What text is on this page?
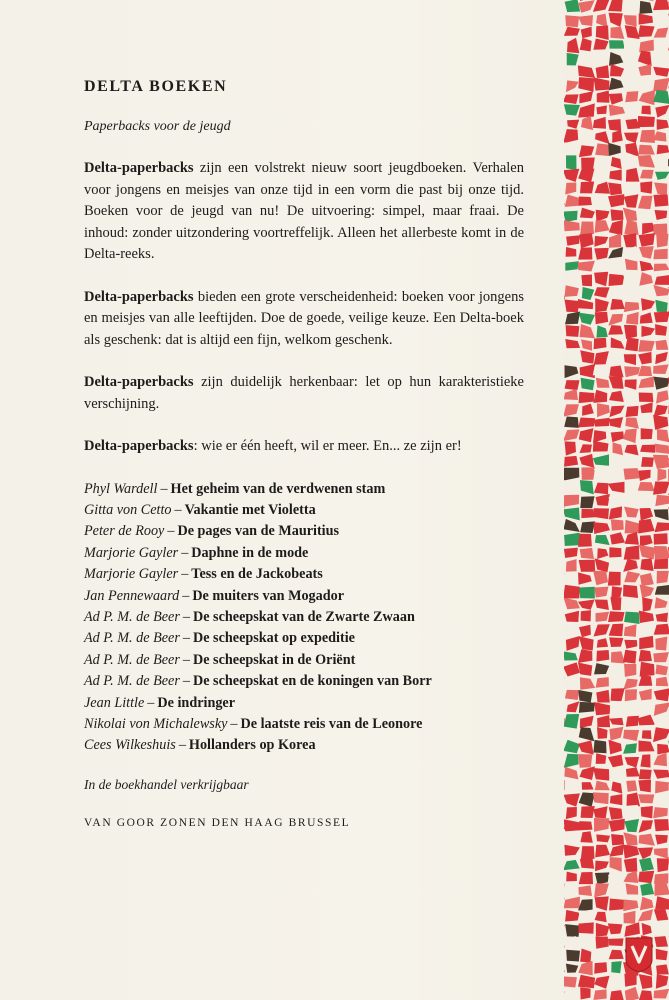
DELTA BOEKEN
Paperbacks voor de jeugd
Delta-paperbacks zijn een volstrekt nieuw soort jeugdboeken. Verhalen voor jongens en meisjes van onze tijd in een vorm die past bij onze tijd. Boeken voor de jeugd van nu! De uitvoering: simpel, maar fraai. De inhoud: zonder uitzondering voortreffelijk. Alleen het allerbeste komt in de Delta-reeks.
Delta-paperbacks bieden een grote verscheidenheid: boeken voor jongens en meisjes van alle leeftijden. Doe de goede, veilige keuze. Een Delta-boek als geschenk: dat is altijd een fijn, welkom geschenk.
Delta-paperbacks zijn duidelijk herkenbaar: let op hun karakteristieke verschijning.
Delta-paperbacks: wie er één heeft, wil er meer. En... ze zijn er!
Phyl Wardell – Het geheim van de verdwenen stam
Gitta von Cetto – Vakantie met Violetta
Peter de Rooy – De pages van de Mauritius
Marjorie Gayler – Daphne in de mode
Marjorie Gayler – Tess en de Jackobeats
Jan Pennewaard – De muiters van Mogador
Ad P. M. de Beer – De scheepskat van de Zwarte Zwaan
Ad P. M. de Beer – De scheepskat op expeditie
Ad P. M. de Beer – De scheepskat in de Oriënt
Ad P. M. de Beer – De scheepskat en de koningen van Borr
Jean Little – De indringer
Nikolai von Michalewsky – De laatste reis van de Leonore
Cees Wilkeshuis – Hollanders op Korea
In de boekhandel verkrijgbaar
VAN GOOR ZONEN DEN HAAG BRUSSEL
